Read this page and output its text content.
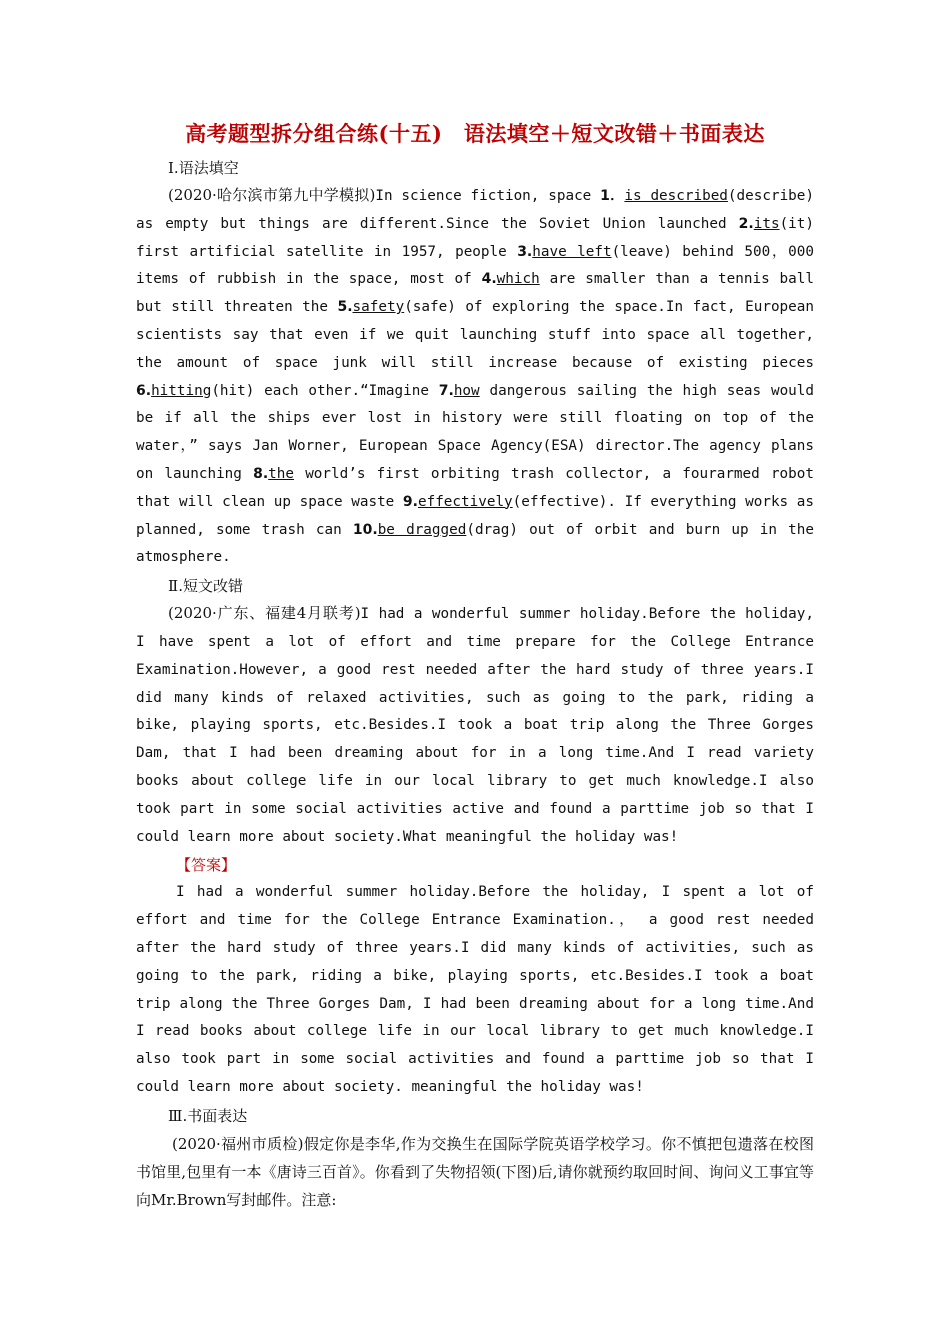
高考题型拆分组合练(十五)　语法填空＋短文改错＋书面表达
Ⅰ.语法填空

(2020·哈尔滨市第九中学模拟)In science fiction, space 1．is described(describe) as empty but things are different.Since the Soviet Union launched 2.its(it) first artificial satellite in 1957, people 3.have left(leave) behind 500，000 items of rubbish in the space, most of 4.which are smaller than a tennis ball but still threaten the 5.safety(safe) of exploring the space.In fact, European scientists say that even if we quit launching stuff into space all together, the amount of space junk will still increase because of existing pieces 6.hitting(hit) each other.“Imagine 7.how dangerous sailing the high seas would be if all the ships ever lost in history were still floating on top of the water，” says Jan Worner, European Space Agency(ESA) director.The agency plans on launching 8.the world’s first orbiting trash collector, a fourarmed robot that will clean up space waste 9.effectively(effective). If everything works as planned, some trash can 10.be dragged(drag) out of orbit and burn up in the atmosphere.

Ⅱ.短文改错

(2020·广东、福建4月联考)I had a wonderful summer holiday.Before the holiday, I have spent a lot of effort and time prepare for the College Entrance Examination.However, a good rest needed after the hard study of three years.I did many kinds of relaxed activities, such as going to the park, riding a bike, playing sports, etc.Besides.I took a boat trip along the Three Gorges Dam, that I had been dreaming about for in a long time.And I read variety books about college life in our local library to get much knowledge.I also took part in some social activities active and found a parttime job so that I could learn more about society.What meaningful the holiday was!

【答案】

I had a wonderful summer holiday.Before the holiday, I spent a lot of effort and time for the College Entrance Examination.， a good rest needed after the hard study of three years.I did many kinds of activities, such as going to the park, riding a bike, playing sports, etc.Besides.I took a boat trip along the Three Gorges Dam, I had been dreaming about for a long time.And I read books about college life in our local library to get much knowledge.I also took part in some social activities and found a parttime job so that I could learn more about society. meaningful the holiday was!

Ⅲ.书面表达

(2020·福州市质检)假定你是李华,作为交换生在国际学院英语学校学习。你不慎把包遗落在校图书馆里,包里有一本《唐诗三百首》。你看到了失物招领(下图)后,请你就预约取回时间、询问义工事宜等向Mr.Brown写封邮件。注意:
